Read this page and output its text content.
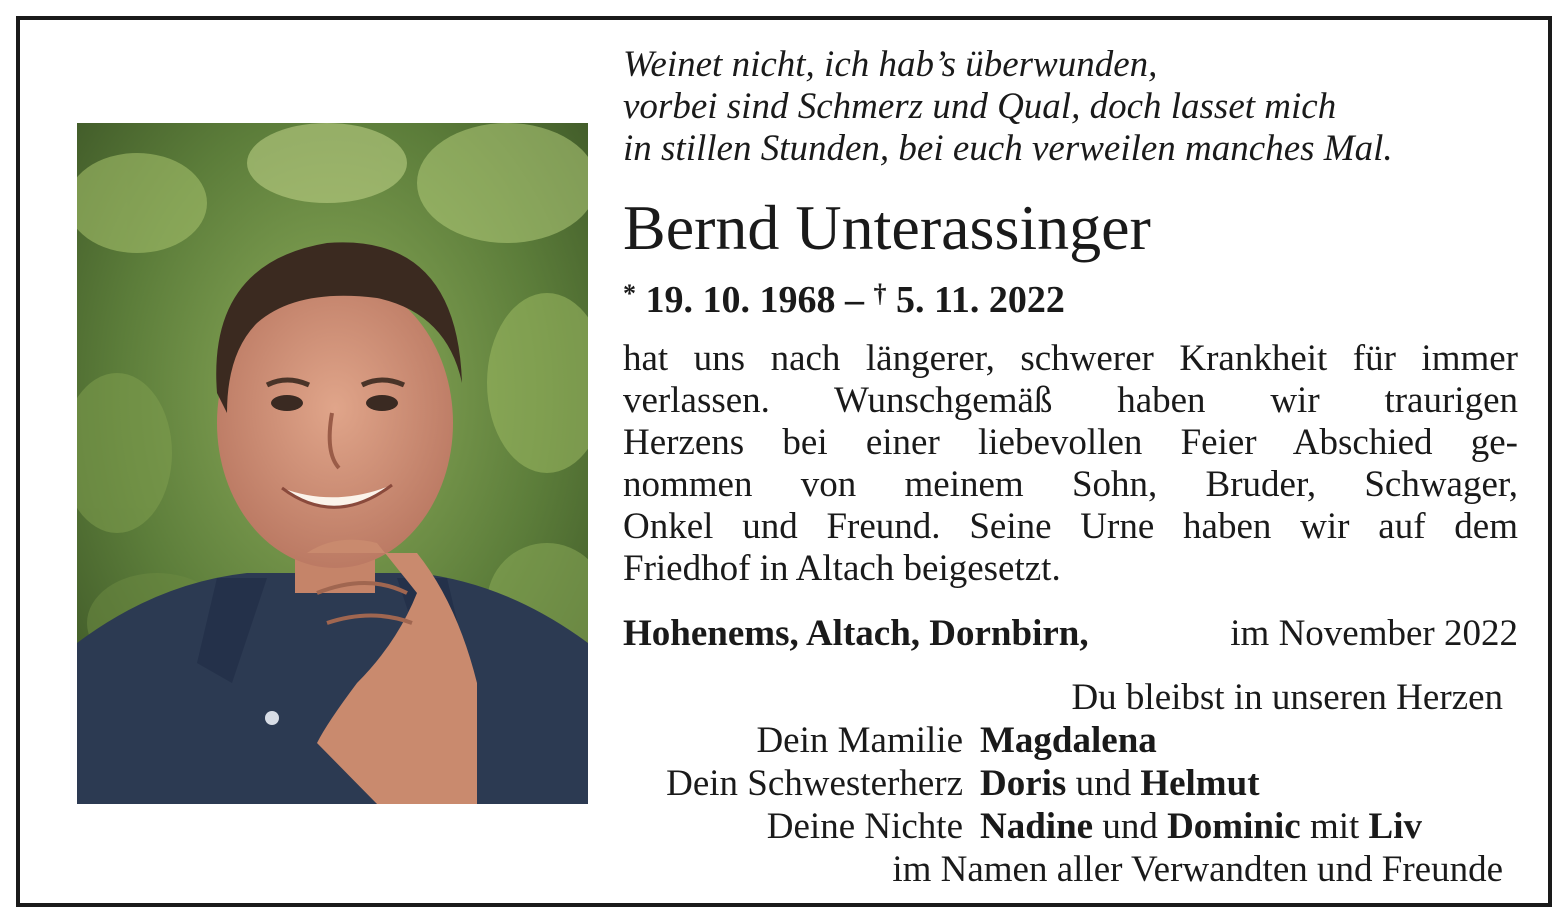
Weinet nicht, ich hab’s überwunden,
vorbei sind Schmerz und Qual, doch lasset mich
in stillen Stunden, bei euch verweilen manches Mal.
Bernd Unterassinger
* 19. 10. 1968 – † 5. 11. 2022
hat uns nach längerer, schwerer Krankheit für immer
verlassen. Wunschgemäß haben wir traurigen
Herzens bei einer liebevollen Feier Abschied ge-
nommen von meinem Sohn, Bruder, Schwager,
Onkel und Freund. Seine Urne haben wir auf dem
Friedhof in Altach beigesetzt.
Hohenems, Altach, Dornbirn,	im November 2022
Du bleibst in unseren Herzen
Dein Mamilie Magdalena
Dein Schwesterherz Doris und Helmut
Deine Nichte Nadine und Dominic mit Liv
im Namen aller Verwandten und Freunde
